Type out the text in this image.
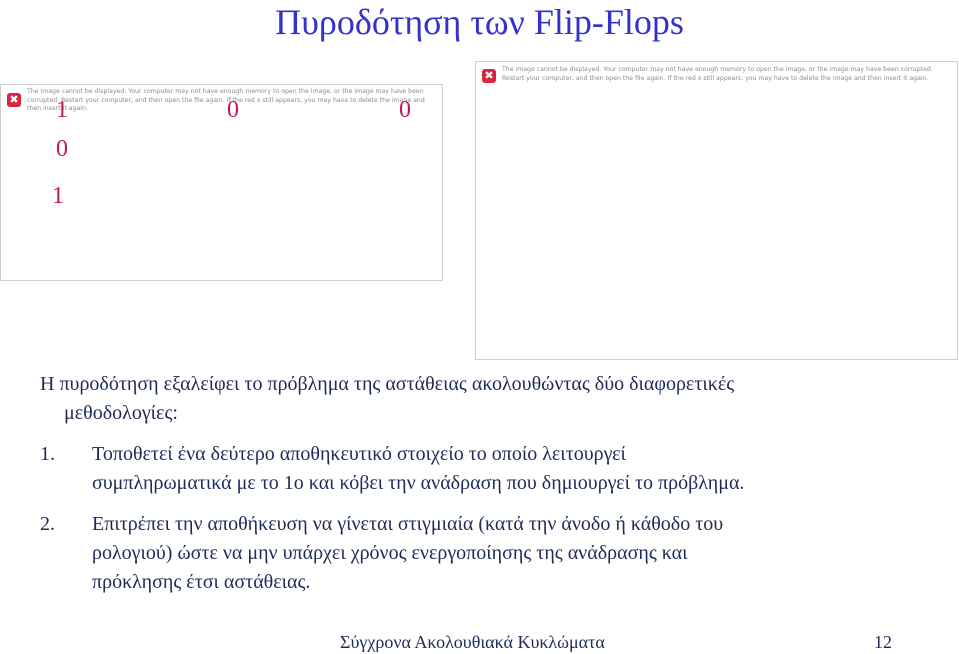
Πυροδότηση των Flip-Flops
✖
The image cannot be displayed. Your computer may not have enough memory to open the image, or the image may have been corrupted. Restart your computer, and then open the file again. If the red x still appears, you may have to delete the image and then insert it again.
✖	The image cannot be displayed. Your computer may not have enough memory to open the image, or the image may have been corrupted. Restart your computer, and then open the file again. If the red x still appears, you may have to delete the image and then insert it again.
1	0	0
0
1

Η πυροδότηση εξαλείφει το πρόβλημα της αστάθειας ακολουθώντας δύο διαφορετικές
μεθοδολογίες:

1. Τοποθετεί ένα δεύτερο αποθηκευτικό στοιχείο το οποίο λειτουργεί
συμπληρωματικά με το 1ο και κόβει την ανάδραση που δημιουργεί το πρόβλημα.
2. Επιτρέπει την αποθήκευση να γίνεται στιγμιαία (κατά την άνοδο ή κάθοδο του
ρολογιού) ώστε να μην υπάρχει χρόνος ενεργοποίησης της ανάδρασης και
πρόκλησης έτσι αστάθειας.
Σύγχρονα Ακολουθιακά Κυκλώματα	12
